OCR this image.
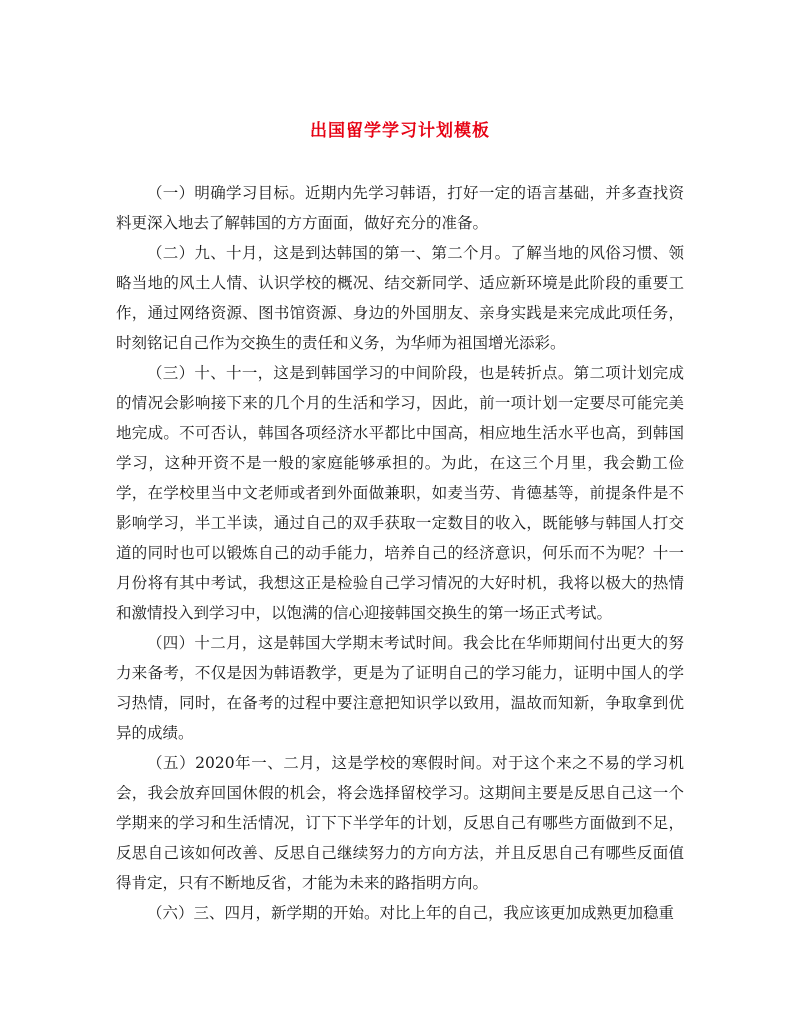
出国留学学习计划模板

（一）明确学习目标。近期内先学习韩语，打好一定的语言基础，并多查找资料更深入地去了解韩国的方方面面，做好充分的准备。

（二）九、十月，这是到达韩国的第一、第二个月。了解当地的风俗习惯、领略当地的风土人情、认识学校的概况、结交新同学、适应新环境是此阶段的重要工作，通过网络资源、图书馆资源、身边的外国朋友、亲身实践是来完成此项任务，时刻铭记自己作为交换生的责任和义务，为华师为祖国增光添彩。

（三）十、十一，这是到韩国学习的中间阶段，也是转折点。第二项计划完成的情况会影响接下来的几个月的生活和学习，因此，前一项计划一定要尽可能完美地完成。不可否认，韩国各项经济水平都比中国高，相应地生活水平也高，到韩国学习，这种开资不是一般的家庭能够承担的。为此，在这三个月里，我会勤工俭学，在学校里当中文老师或者到外面做兼职，如麦当劳、肯德基等，前提条件是不影响学习，半工半读，通过自己的双手获取一定数目的收入，既能够与韩国人打交道的同时也可以锻炼自己的动手能力，培养自己的经济意识，何乐而不为呢？十一月份将有其中考试，我想这正是检验自己学习情况的大好时机，我将以极大的热情和激情投入到学习中，以饱满的信心迎接韩国交换生的第一场正式考试。

（四）十二月，这是韩国大学期末考试时间。我会比在华师期间付出更大的努力来备考，不仅是因为韩语教学，更是为了证明自己的学习能力，证明中国人的学习热情，同时，在备考的过程中要注意把知识学以致用，温故而知新，争取拿到优异的成绩。

（五）2020年一、二月，这是学校的寒假时间。对于这个来之不易的学习机会，我会放弃回国休假的机会，将会选择留校学习。这期间主要是反思自己这一个学期来的学习和生活情况，订下下半学年的计划，反思自己有哪些方面做到不足，反思自己该如何改善、反思自己继续努力的方向方法，并且反思自己有哪些反面值得肯定，只有不断地反省，才能为未来的路指明方向。

（六）三、四月，新学期的开始。对比上年的自己，我应该更加成熟更加稳重
